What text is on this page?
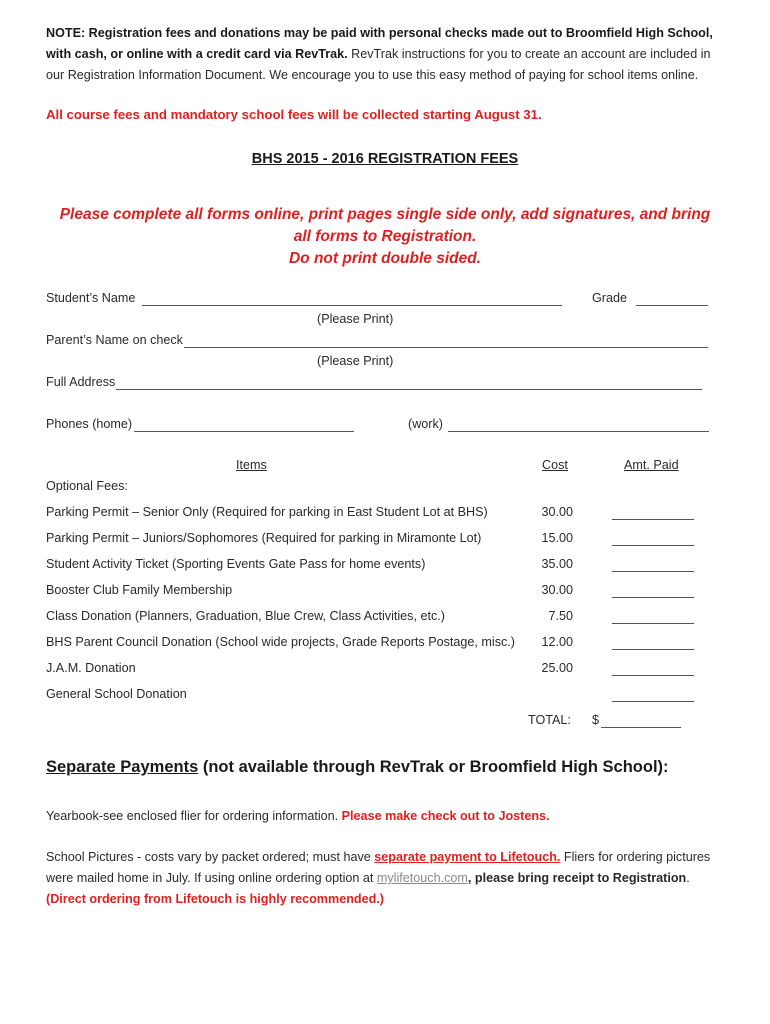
NOTE: Registration fees and donations may be paid with personal checks made out to Broomfield High School, with cash, or online with a credit card via RevTrak. RevTrak instructions for you to create an account are included in our Registration Information Document. We encourage you to use this easy method of paying for school items online.
All course fees and mandatory school fees will be collected starting August 31.
BHS 2015 - 2016 REGISTRATION FEES
Please complete all forms online, print pages single side only, add signatures, and bring all forms to Registration.
Do not print double sided.
Student’s Name	Grade
(Please Print)
Parent’s Name on check
(Please Print)
Full Address
Phones (home)	(work)
Items	Cost	Amt. Paid
Optional Fees:
Parking Permit – Senior Only (Required for parking in East Student Lot at BHS)	30.00
Parking Permit – Juniors/Sophomores (Required for parking in Miramonte Lot)	15.00
Student Activity Ticket (Sporting Events Gate Pass for home events)	35.00
Booster Club Family Membership	30.00
Class Donation (Planners, Graduation, Blue Crew, Class Activities, etc.)	7.50
BHS Parent Council Donation (School wide projects, Grade Reports Postage, misc.)	12.00
J.A.M. Donation	25.00
General School Donation
TOTAL: $
Separate Payments (not available through RevTrak or Broomfield High School):
Yearbook-see enclosed flier for ordering information. Please make check out to Jostens.
School Pictures - costs vary by packet ordered; must have separate payment to Lifetouch. Fliers for ordering pictures were mailed home in July. If using online ordering option at mylifetouch.com, please bring receipt to Registration.
(Direct ordering from Lifetouch is highly recommended.)
